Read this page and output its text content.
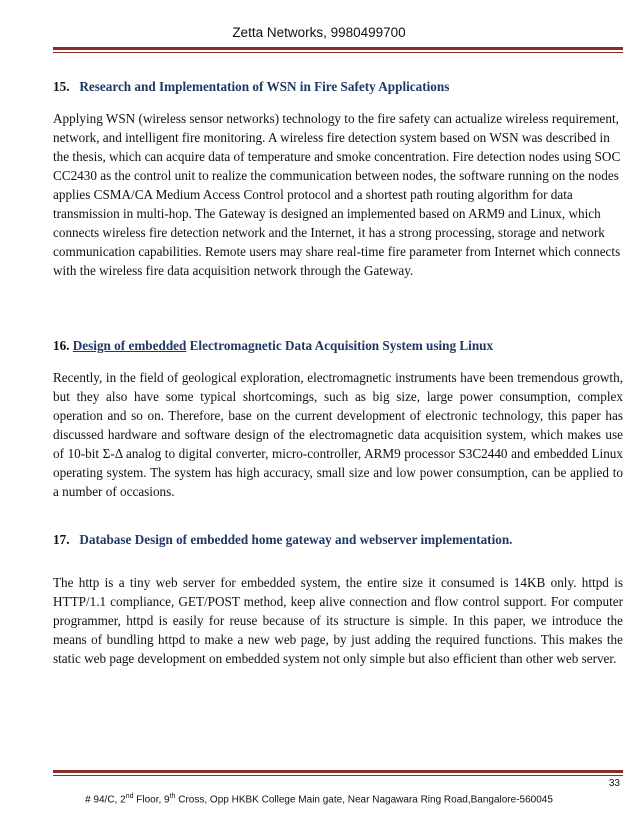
Zetta Networks, 9980499700
15. Research and Implementation of WSN in Fire Safety Applications

Applying WSN (wireless sensor networks) technology to the fire safety can actualize wireless requirement, network, and intelligent fire monitoring. A wireless fire detection system based on WSN was described in the thesis, which can acquire data of temperature and smoke concentration. Fire detection nodes using SOC CC2430 as the control unit to realize the communication between nodes, the software running on the nodes applies CSMA/CA Medium Access Control protocol and a shortest path routing algorithm for data transmission in multi-hop. The Gateway is designed an implemented based on ARM9 and Linux, which connects wireless fire detection network and the Internet, it has a strong processing, storage and network communication capabilities. Remote users may share real-time fire parameter from Internet which connects with the wireless fire data acquisition network through the Gateway.

16. Design of embedded Electromagnetic Data Acquisition System using Linux

Recently, in the field of geological exploration, electromagnetic instruments have been tremendous growth, but they also have some typical shortcomings, such as big size, large power consumption, complex operation and so on. Therefore, base on the current development of electronic technology, this paper has discussed hardware and software design of the electromagnetic data acquisition system, which makes use of 10-bit Σ-Δ analog to digital converter, micro-controller, ARM9 processor S3C2440 and embedded Linux operating system. The system has high accuracy, small size and low power consumption, can be applied to a number of occasions.

17. Database Design of embedded home gateway and webserver implementation.

The http is a tiny web server for embedded system, the entire size it consumed is 14KB only. httpd is HTTP/1.1 compliance, GET/POST method, keep alive connection and flow control support. For computer programmer, httpd is easily for reuse because of its structure is simple. In this paper, we introduce the means of bundling httpd to make a new web page, by just adding the required functions. This makes the static web page development on embedded system not only simple but also efficient than other web server.

33
# 94/C, 2nd Floor, 9th Cross, Opp HKBK College Main gate, Near Nagawara Ring Road,Bangalore-560045
